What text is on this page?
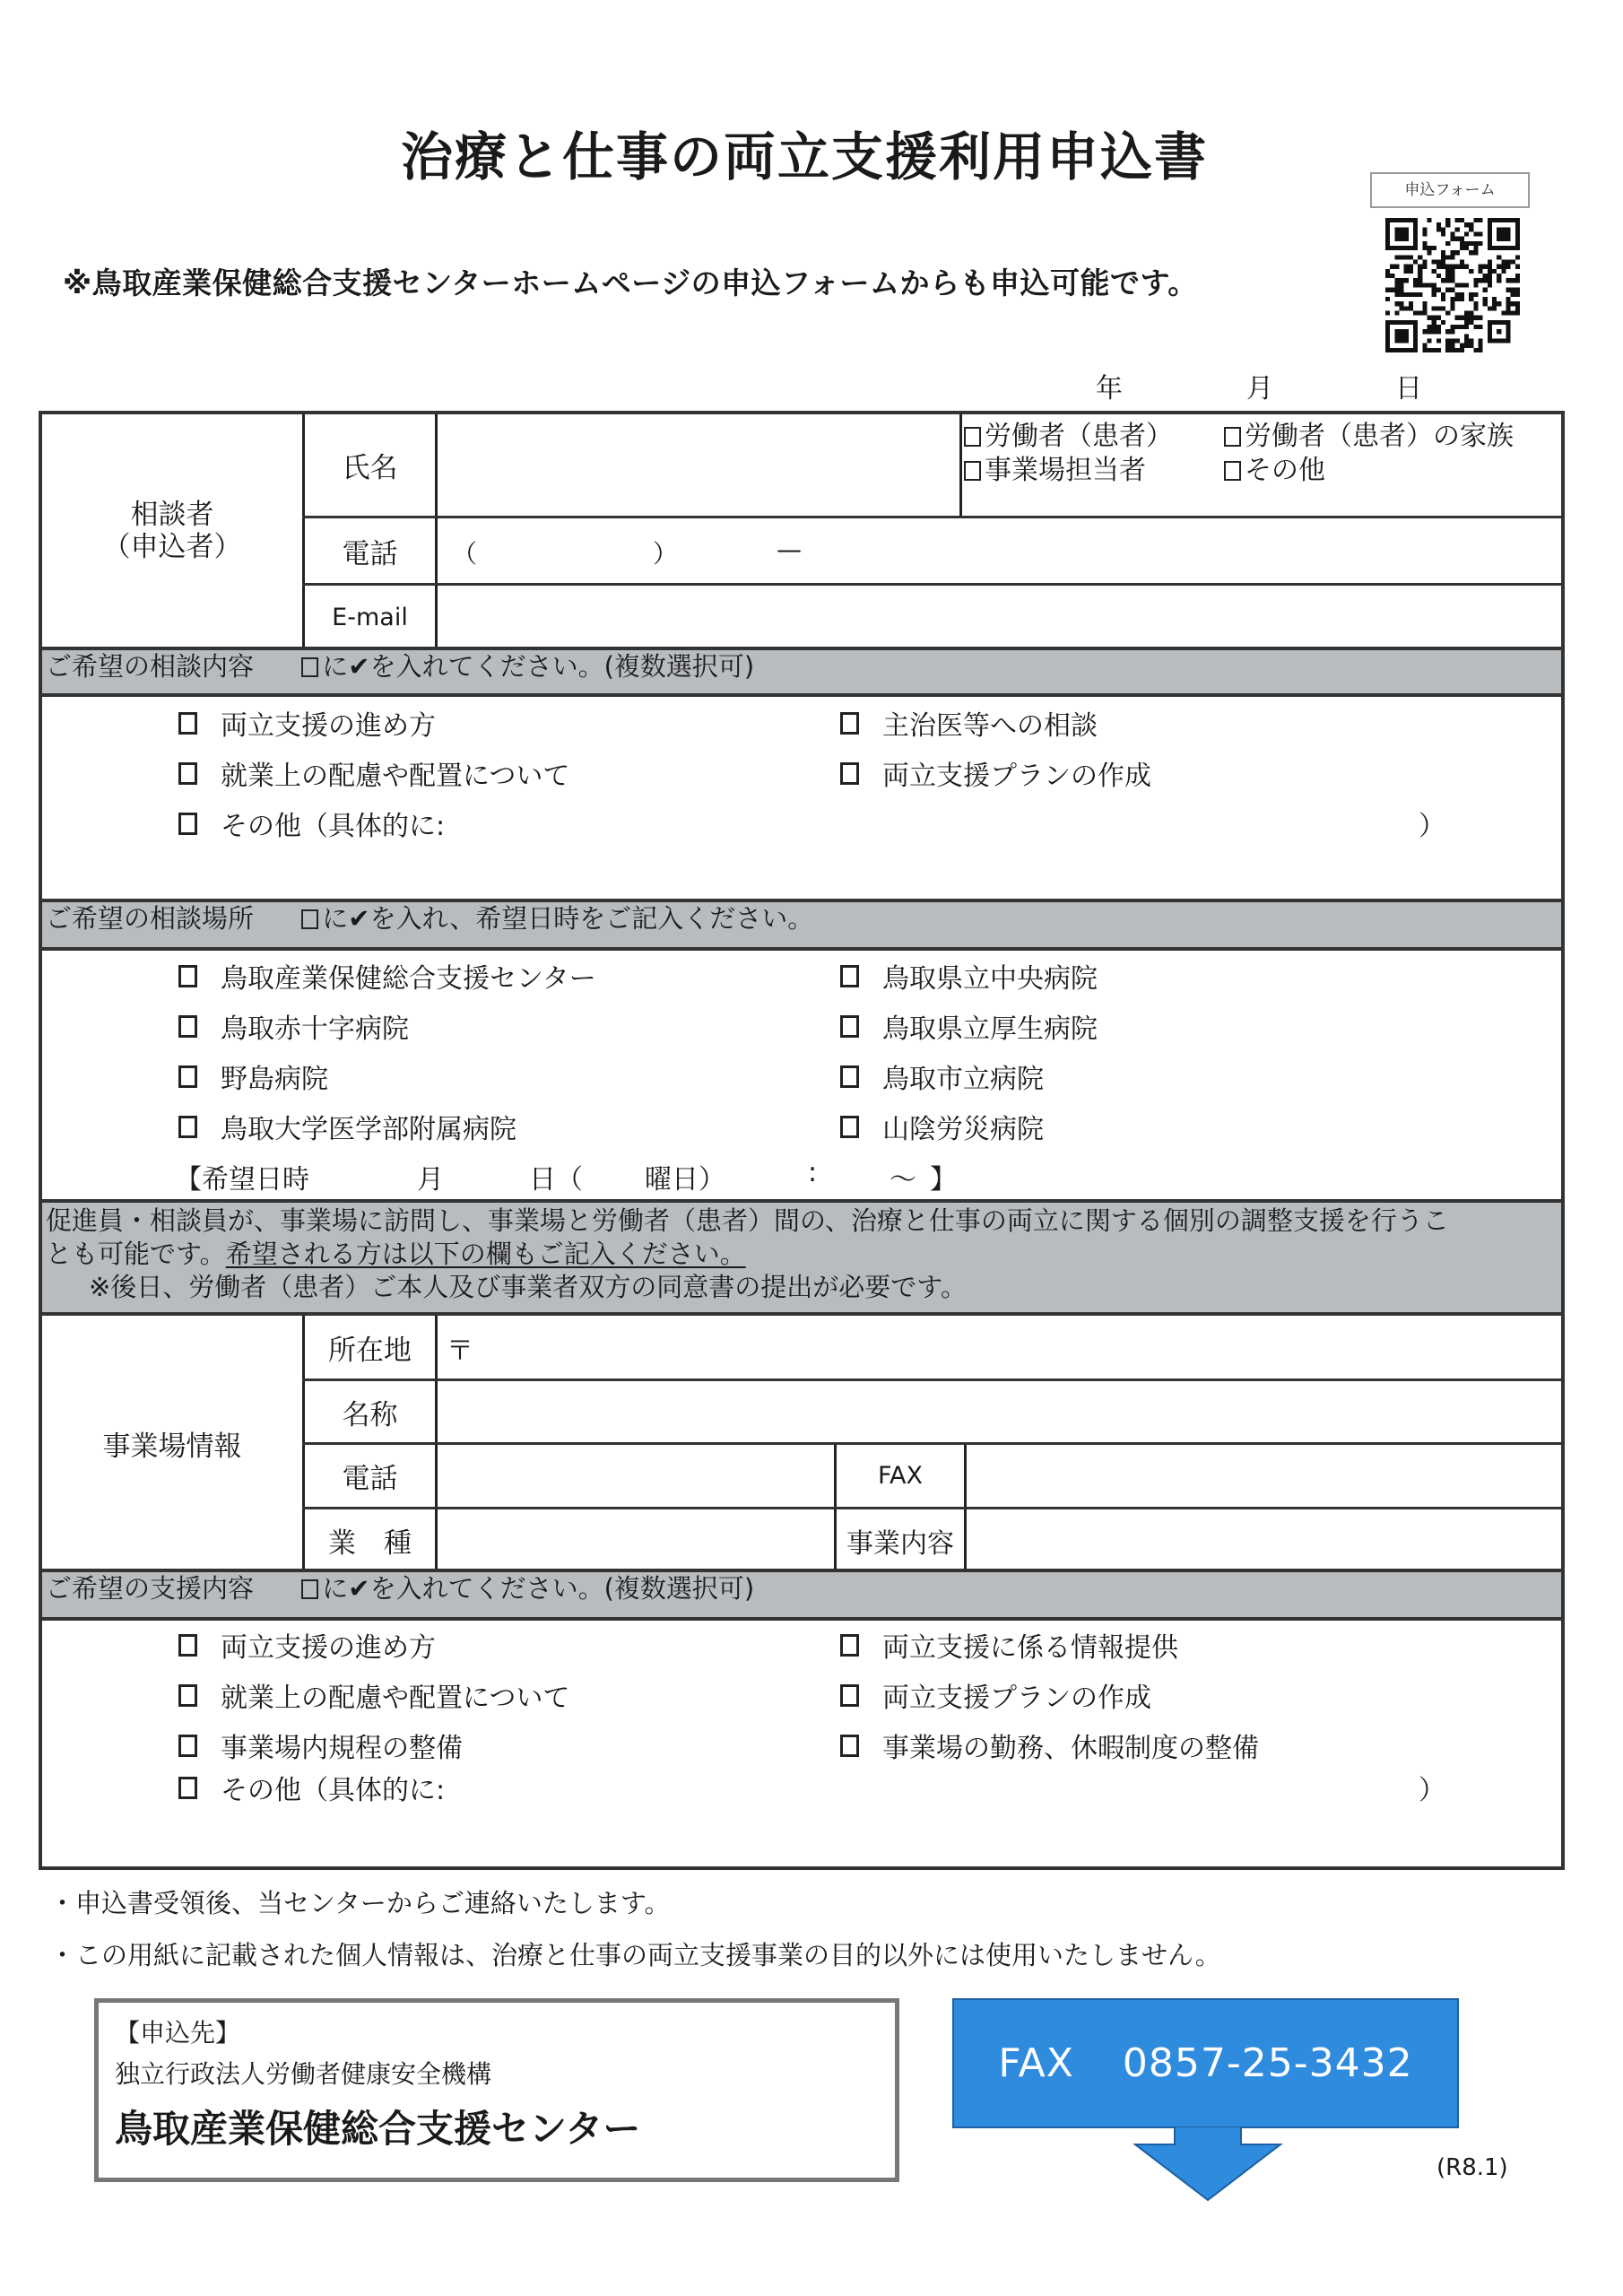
治療と仕事の両立支援利用申込書
※鳥取産業保健総合支援センターホームページの申込フォームからも申込可能です。
申込フォーム
年	月	日
相談者
（申込者）
氏名
労働者（患者）	労働者（患者）の家族
事業場担当者	その他
電話	（	）	—
E-mail
ご希望の相談内容	に✔を入れてください。(複数選択可)
両立支援の進め方
就業上の配慮や配置について
その他（具体的に:	）
主治医等への相談
両立支援プランの作成
ご希望の相談場所	に✔を入れ、希望日時をご記入ください。
鳥取産業保健総合支援センター
鳥取赤十字病院
野島病院
鳥取大学医学部附属病院
鳥取県立中央病院
鳥取県立厚生病院
鳥取市立病院
山陰労災病院
【希望日時	月	日（ 曜日）	:	～ 】
促進員・相談員が、事業場に訪問し、事業場と労働者（患者）間の、治療と仕事の両立に関する個別の調整支援を行うこ
とも可能です。希望される方は以下の欄もご記入ください。
※後日、労働者（患者）ご本人及び事業者双方の同意書の提出が必要です。
事業場情報
所在地	〒
名称
電話	FAX
業　種	事業内容
ご希望の支援内容	に✔を入れてください。(複数選択可)
両立支援の進め方
就業上の配慮や配置について
事業場内規程の整備
その他（具体的に:	）
両立支援に係る情報提供
両立支援プランの作成
事業場の勤務、休暇制度の整備
・申込書受領後、当センターからご連絡いたします。
・この用紙に記載された個人情報は、治療と仕事の両立支援事業の目的以外には使用いたしません。
【申込先】
独立行政法人労働者健康安全機構
鳥取産業保健総合支援センター
FAX 0857-25-3432
(R8.1)
